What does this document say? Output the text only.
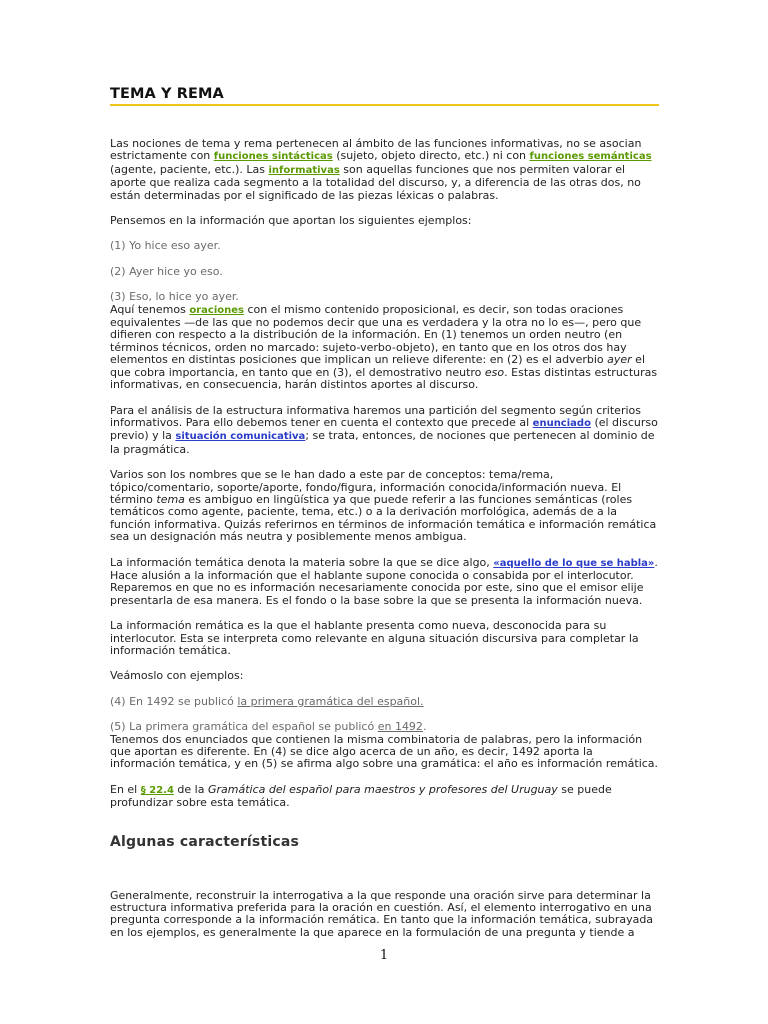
TEMA Y REMA

Las nociones de tema y rema pertenecen al ámbito de las funciones informativas, no se asocian estrictamente con funciones sintácticas (sujeto, objeto directo, etc.) ni con funciones semánticas (agente, paciente, etc.). Las informativas son aquellas funciones que nos permiten valorar el aporte que realiza cada segmento a la totalidad del discurso, y, a diferencia de las otras dos, no están determinadas por el significado de las piezas léxicas o palabras.

Pensemos en la información que aportan los siguientes ejemplos:

(1) Yo hice eso ayer.

(2) Ayer hice yo eso.

(3) Eso, lo hice yo ayer.

Aquí tenemos oraciones con el mismo contenido proposicional, es decir, son todas oraciones equivalentes —de las que no podemos decir que una es verdadera y la otra no lo es—, pero que difieren con respecto a la distribución de la información. En (1) tenemos un orden neutro (en términos técnicos, orden no marcado: sujeto-verbo-objeto), en tanto que en los otros dos hay elementos en distintas posiciones que implican un relieve diferente: en (2) es el adverbio ayer el que cobra importancia, en tanto que en (3), el demostrativo neutro eso. Estas distintas estructuras informativas, en consecuencia, harán distintos aportes al discurso.

Para el análisis de la estructura informativa haremos una partición del segmento según criterios informativos. Para ello debemos tener en cuenta el contexto que precede al enunciado (el discurso previo) y la situación comunicativa; se trata, entonces, de nociones que pertenecen al dominio de la pragmática.

Varios son los nombres que se le han dado a este par de conceptos: tema/rema, tópico/comentario, soporte/aporte, fondo/figura, información conocida/información nueva. El término tema es ambiguo en lingüística ya que puede referir a las funciones semánticas (roles temáticos como agente, paciente, tema, etc.) o a la derivación morfológica, además de a la función informativa. Quizás referirnos en términos de información temática e información remática sea un designación más neutra y posiblemente menos ambigua.

La información temática denota la materia sobre la que se dice algo, «aquello de lo que se habla». Hace alusión a la información que el hablante supone conocida o consabida por el interlocutor. Reparemos en que no es información necesariamente conocida por este, sino que el emisor elije presentarla de esa manera. Es el fondo o la base sobre la que se presenta la información nueva.

La información remática es la que el hablante presenta como nueva, desconocida para su interlocutor. Esta se interpreta como relevante en alguna situación discursiva para completar la información temática.

Veámoslo con ejemplos:

(4) En 1492 se publicó la primera gramática del español.

(5) La primera gramática del español se publicó en 1492.

Tenemos dos enunciados que contienen la misma combinatoria de palabras, pero la información que aportan es diferente. En (4) se dice algo acerca de un año, es decir, 1492 aporta la información temática, y en (5) se afirma algo sobre una gramática: el año es información remática.

En el § 22.4 de la Gramática del español para maestros y profesores del Uruguay se puede profundizar sobre esta temática.

Algunas características

Generalmente, reconstruir la interrogativa a la que responde una oración sirve para determinar la estructura informativa preferida para la oración en cuestión. Así, el elemento interrogativo en una pregunta corresponde a la información remática. En tanto que la información temática, subrayada en los ejemplos, es generalmente la que aparece en la formulación de una pregunta y tiende a

1
